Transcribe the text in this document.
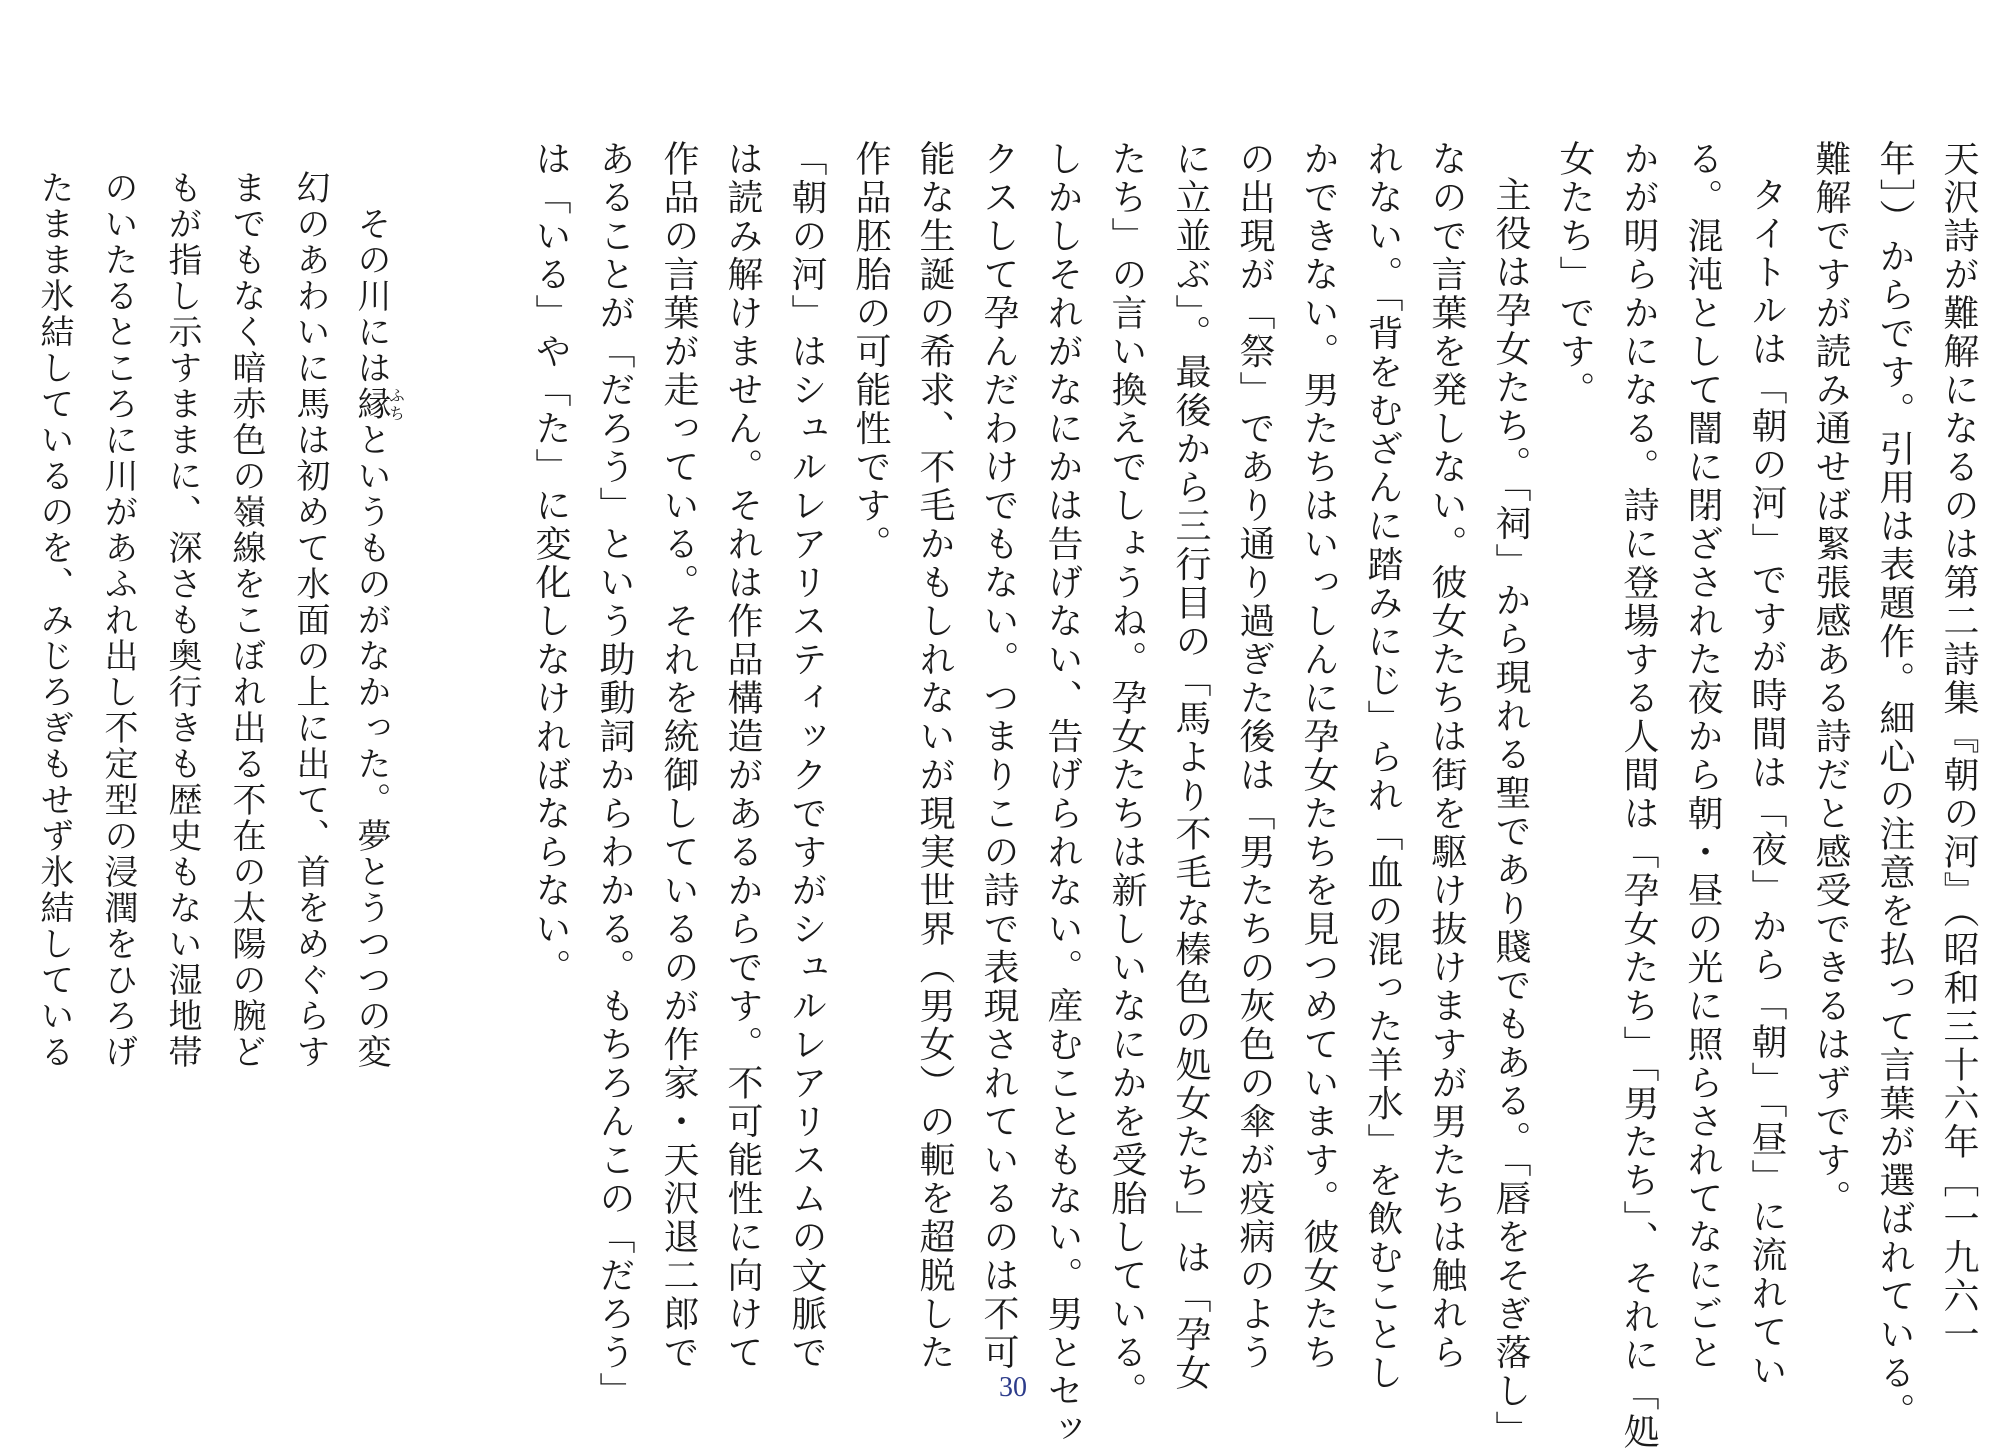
天沢詩が難解になるのは第二詩集『朝の河』（昭和三十六年［一九六一
年］）からです。引用は表題作。細心の注意を払って言葉が選ばれている。
難解ですが読み通せば緊張感ある詩だと感受できるはずです。
タイトルは「朝の河」ですが時間は「夜」から「朝」「昼」に流れてい
る。混沌として闇に閉ざされた夜から朝・昼の光に照らされてなにごと
かが明らかになる。詩に登場する人間は「孕女たち」「男たち」、それに「処
女たち」です。
主役は孕女たち。「祠」から現れる聖であり賤でもある。「唇をそぎ落し」
なので言葉を発しない。彼女たちは街を駆け抜けますが男たちは触れら
れない。「背をむざんに踏みにじ」られ「血の混った羊水」を飲むことし
かできない。男たちはいっしんに孕女たちを見つめています。彼女たち
の出現が「祭」であり通り過ぎた後は「男たちの灰色の傘が疫病のよう
に立並ぶ」。最後から三行目の「馬より不毛な榛色の処女たち」は「孕女
たち」の言い換えでしょうね。孕女たちは新しいなにかを受胎している。
しかしそれがなにかは告げない、告げられない。産むこともない。男とセッ
クスして孕んだわけでもない。つまりこの詩で表現されているのは不可
能な生誕の希求、不毛かもしれないが現実世界（男女）の軛を超脱した
作品胚胎の可能性です。
「朝の河」はシュルレアリスティックですがシュルレアリスムの文脈で
は読み解けません。それは作品構造があるからです。不可能性に向けて
作品の言葉が走っている。それを統御しているのが作家・天沢退二郎で
あることが「だろう」という助動詞からわかる。もちろんこの「だろう」
は「いる」や「た」に変化しなければならない。
その川には縁ふちというものがなかった。夢とうつつの変
幻のあわいに馬は初めて水面の上に出て、首をめぐらす
までもなく暗赤色の嶺線をこぼれ出る不在の太陽の腕ど
もが指し示すままに、深さも奥行きも歴史もない湿地帯
のいたるところに川があふれ出し不定型の浸潤をひろげ
たまま氷結しているのを、みじろぎもせず氷結している
30
